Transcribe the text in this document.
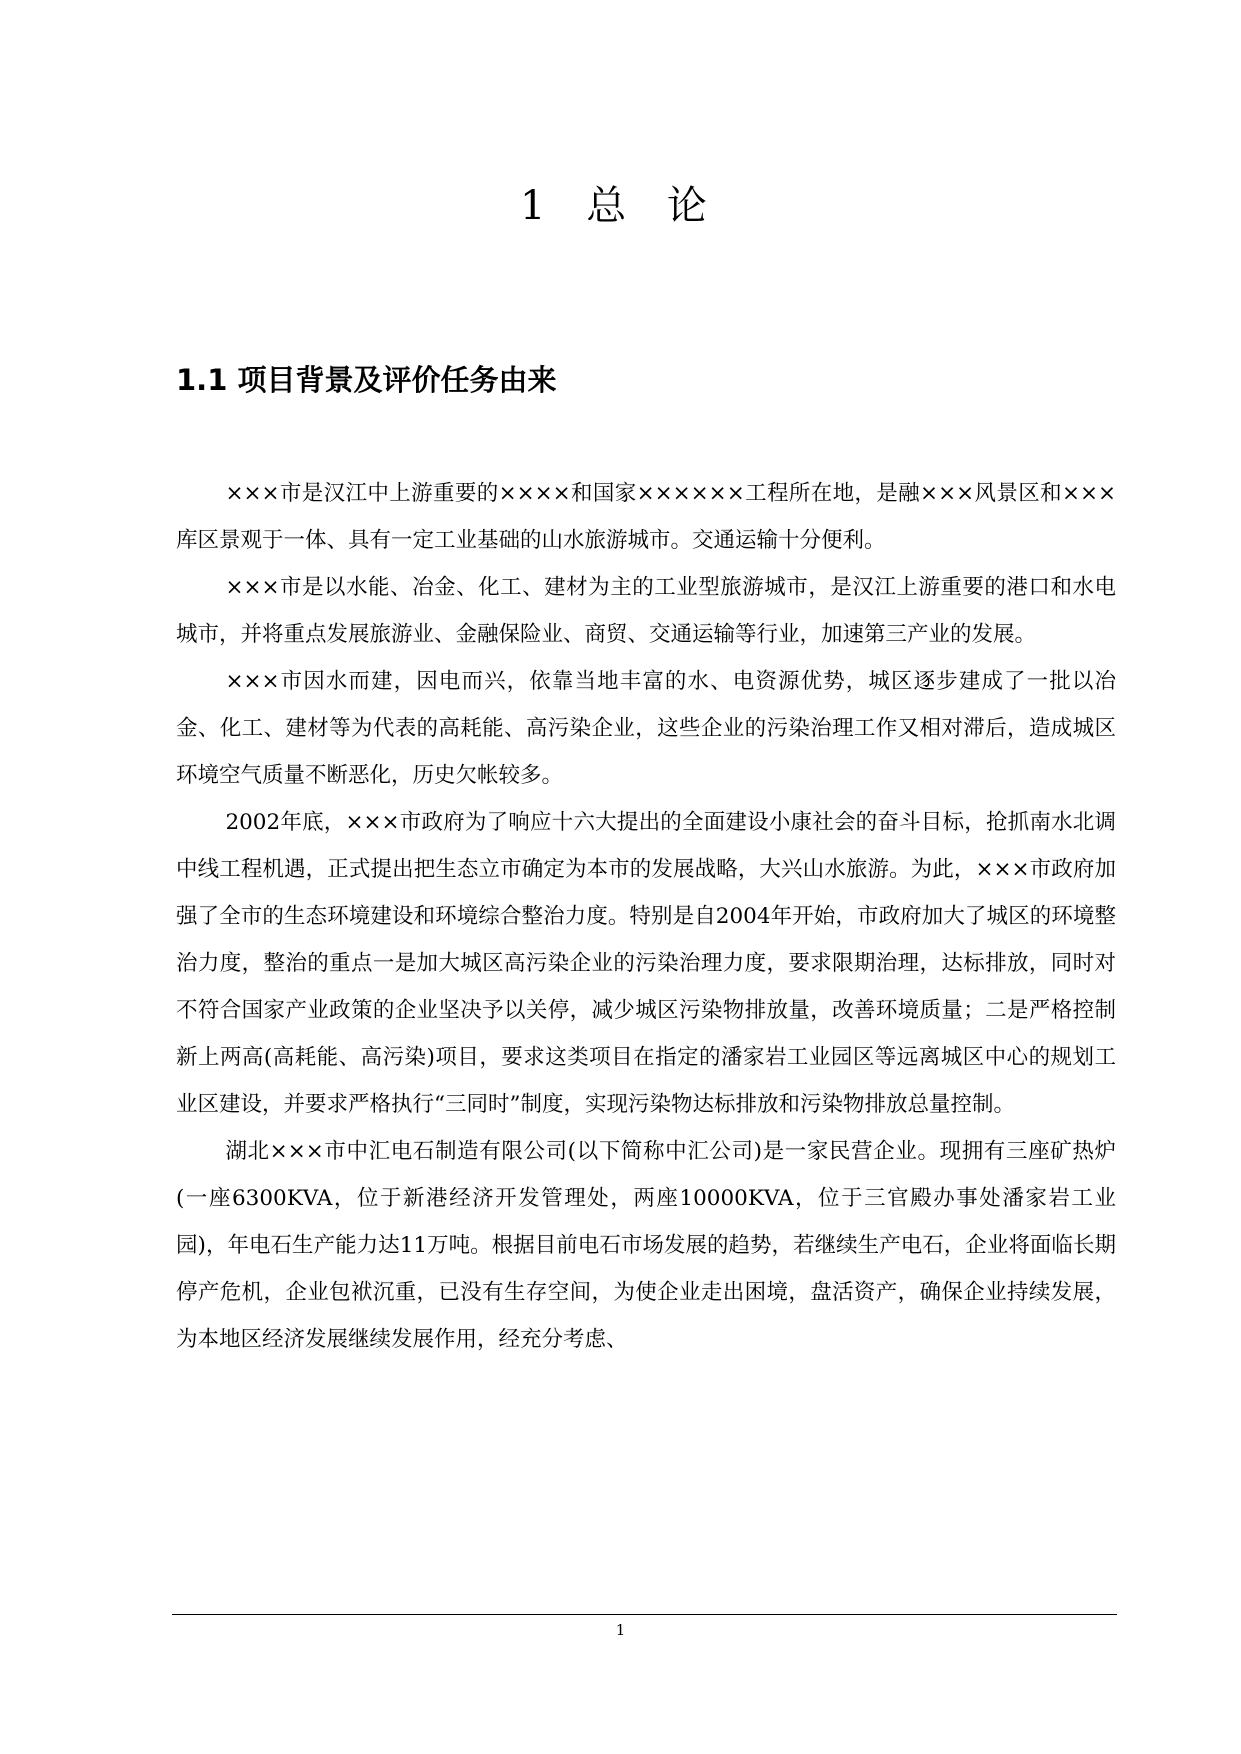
1 总 论
1.1 项目背景及评价任务由来

×××市是汉江中上游重要的××××和国家××××××工程所在地，是融×××风景区和×××库区景观于一体、具有一定工业基础的山水旅游城市。交通运输十分便利。

×××市是以水能、冶金、化工、建材为主的工业型旅游城市，是汉江上游重要的港口和水电城市，并将重点发展旅游业、金融保险业、商贸、交通运输等行业，加速第三产业的发展。

×××市因水而建，因电而兴，依靠当地丰富的水、电资源优势，城区逐步建成了一批以冶金、化工、建材等为代表的高耗能、高污染企业，这些企业的污染治理工作又相对滞后，造成城区环境空气质量不断恶化，历史欠帐较多。

2002年底，×××市政府为了响应十六大提出的全面建设小康社会的奋斗目标，抢抓南水北调中线工程机遇，正式提出把生态立市确定为本市的发展战略，大兴山水旅游。为此，×××市政府加强了全市的生态环境建设和环境综合整治力度。特别是自2004年开始，市政府加大了城区的环境整治力度，整治的重点一是加大城区高污染企业的污染治理力度，要求限期治理，达标排放，同时对不符合国家产业政策的企业坚决予以关停，减少城区污染物排放量，改善环境质量；二是严格控制新上两高(高耗能、高污染)项目，要求这类项目在指定的潘家岩工业园区等远离城区中心的规划工业区建设，并要求严格执行“三同时”制度，实现污染物达标排放和污染物排放总量控制。

湖北×××市中汇电石制造有限公司(以下简称中汇公司)是一家民营企业。现拥有三座矿热炉(一座6300KVA，位于新港经济开发管理处，两座10000KVA，位于三官殿办事处潘家岩工业园)，年电石生产能力达11万吨。根据目前电石市场发展的趋势，若继续生产电石，企业将面临长期停产危机，企业包袱沉重，已没有生存空间，为使企业走出困境，盘活资产，确保企业持续发展，为本地区经济发展继续发展作用，经充分考虑、

1
